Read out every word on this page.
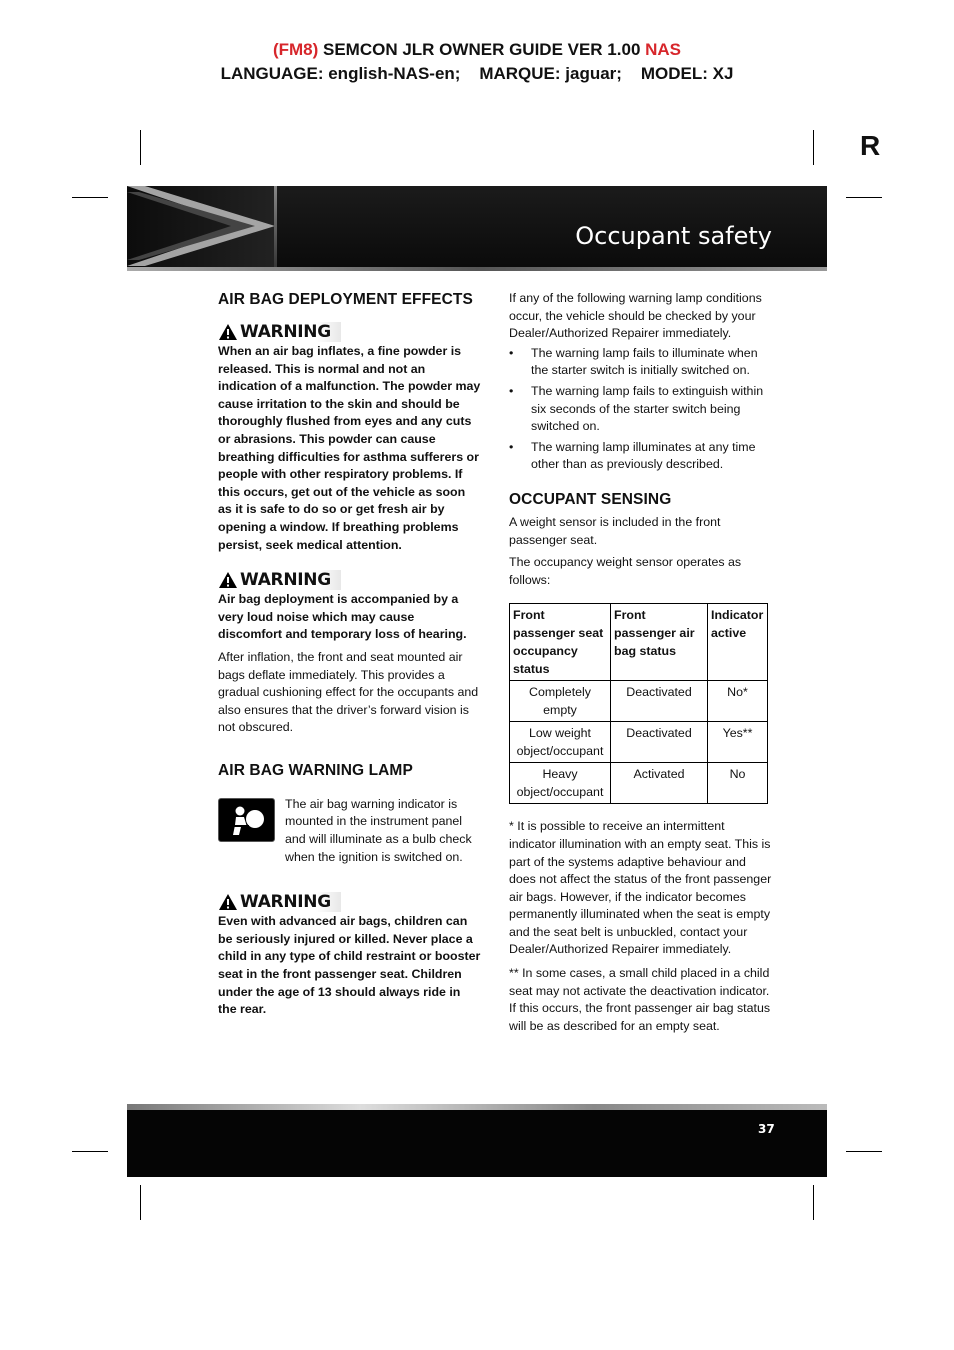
(FM8) SEMCON JLR OWNER GUIDE VER 1.00 NAS
LANGUAGE: english-NAS-en;    MARQUE: jaguar;    MODEL: XJ
R
Occupant safety
AIR BAG DEPLOYMENT EFFECTS
WARNING

When an air bag inflates, a fine powder is released. This is normal and not an indication of a malfunction. The powder may cause irritation to the skin and should be thoroughly flushed from eyes and any cuts or abrasions. This powder can cause breathing difficulties for asthma sufferers or people with other respiratory problems. If this occurs, get out of the vehicle as soon as it is safe to do so or get fresh air by opening a window. If breathing problems persist, seek medical attention.

WARNING

Air bag deployment is accompanied by a very loud noise which may cause discomfort and temporary loss of hearing.

After inflation, the front and seat mounted air bags deflate immediately. This provides a gradual cushioning effect for the occupants and also ensures that the driver’s forward vision is not obscured.

AIR BAG WARNING LAMP

The air bag warning indicator is mounted in the instrument panel and will illuminate as a bulb check when the ignition is switched on.

WARNING

Even with advanced air bags, children can be seriously injured or killed. Never place a child in any type of child restraint or booster seat in the front passenger seat. Children under the age of 13 should always ride in the rear.

If any of the following warning lamp conditions occur, the vehicle should be checked by your Dealer/Authorized Repairer immediately.

• The warning lamp fails to illuminate when the starter switch is initially switched on.
• The warning lamp fails to extinguish within six seconds of the starter switch being switched on.
• The warning lamp illuminates at any time other than as previously described.
OCCUPANT SENSING

A weight sensor is included in the front passenger seat.

The occupancy weight sensor operates as follows:

Front passenger seat occupancy status	Front passenger air bag status	Indicator active
Completely empty	Deactivated	No*
Low weight object/occupant	Deactivated	Yes**
Heavy object/occupant	Activated	No

* It is possible to receive an intermittent indicator illumination with an empty seat. This is part of the systems adaptive behaviour and does not affect the status of the front passenger air bags. However, if the indicator becomes permanently illuminated when the seat is empty and the seat belt is unbuckled, contact your Dealer/Authorized Repairer immediately.

** In some cases, a small child placed in a child seat may not activate the deactivation indicator. If this occurs, the front passenger air bag status will be as described for an empty seat.

37
